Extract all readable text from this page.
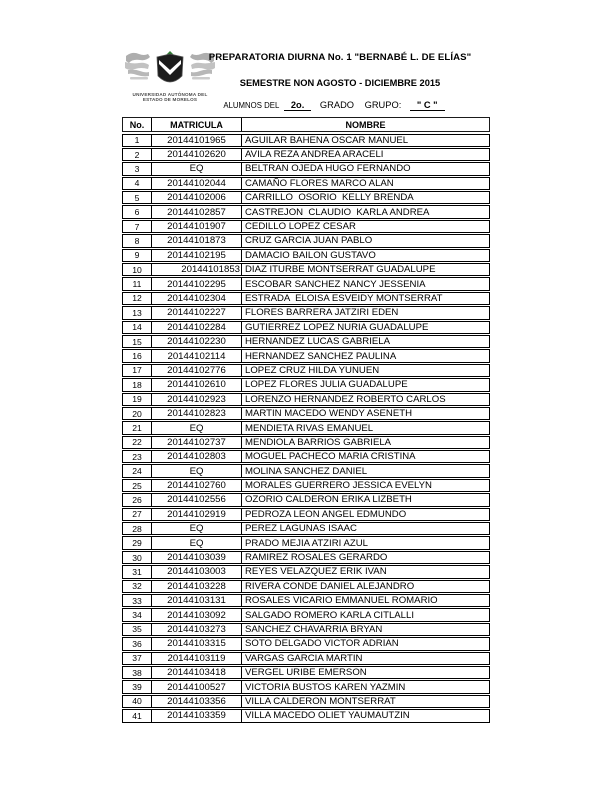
UNIVERSIDAD AUTÓNOMA DEL
ESTADO DE MORELOS
PREPARATORIA DIURNA No. 1 "BERNABÉ L. DE ELÍAS"
SEMESTRE NON AGOSTO - DICIEMBRE 2015
ALUMNOS DEL 2o. GRADO GRUPO: " C "
No.	MATRICULA	NOMBRE
1	20144101965	AGUILAR BAHENA OSCAR MANUEL
2	20144102620	AVILA REZA ANDREA ARACELI
3	EQ	BELTRAN OJEDA HUGO FERNANDO
4	20144102044	CAMAÑO FLORES MARCO ALAN
5	20144102006	CARRILLO  OSORIO  KELLY BRENDA
6	20144102857	CASTREJON  CLAUDIO  KARLA ANDREA
7	20144101907	CEDILLO LOPEZ CESAR
8	20144101873	CRUZ GARCIA JUAN PABLO
9	20144102195	DAMACIO BAILON GUSTAVO
10	20144101853 DIAZ ITURBE MONTSERRAT GUADALUPE
11	20144102295	ESCOBAR SANCHEZ NANCY JESSENIA
12	20144102304	ESTRADA  ELOISA ESVEIDY MONTSERRAT
13	20144102227	FLORES BARRERA JATZIRI EDEN
14	20144102284	GUTIERREZ LOPEZ NURIA GUADALUPE
15	20144102230	HERNANDEZ LUCAS GABRIELA
16	20144102114	HERNANDEZ SANCHEZ PAULINA
17	20144102776	LOPEZ CRUZ HILDA YUNUEN
18	20144102610	LOPEZ FLORES JULIA GUADALUPE
19	20144102923	LORENZO HERNANDEZ ROBERTO CARLOS
20	20144102823	MARTIN MACEDO WENDY ASENETH
21	EQ	MENDIETA RIVAS EMANUEL
22	20144102737	MENDIOLA BARRIOS GABRIELA
23	20144102803	MOGUEL PACHECO MARIA CRISTINA
24	EQ	MOLINA SANCHEZ DANIEL
25	20144102760	MORALES GUERRERO JESSICA EVELYN
26	20144102556	OZORIO CALDERON ERIKA LIZBETH
27	20144102919	PEDROZA LEON ANGEL EDMUNDO
28	EQ	PEREZ LAGUNAS ISAAC
29	EQ	PRADO MEJIA ATZIRI AZUL
30	20144103039	RAMIREZ ROSALES GERARDO
31	20144103003	REYES VELAZQUEZ ERIK IVAN
32	20144103228	RIVERA CONDE DANIEL ALEJANDRO
33	20144103131	ROSALES VICARIO EMMANUEL ROMARIO
34	20144103092	SALGADO ROMERO KARLA CITLALLI
35	20144103273	SANCHEZ CHAVARRIA BRYAN
36	20144103315	SOTO DELGADO VICTOR ADRIAN
37	20144103119	VARGAS GARCIA MARTIN
38	20144103418	VERGEL URIBE EMERSON
39	20144100527	VICTORIA BUSTOS KAREN YAZMIN
40	20144103356	VILLA CALDERON MONTSERRAT
41	20144103359	VILLA MACEDO OLIET YAUMAUTZIN
